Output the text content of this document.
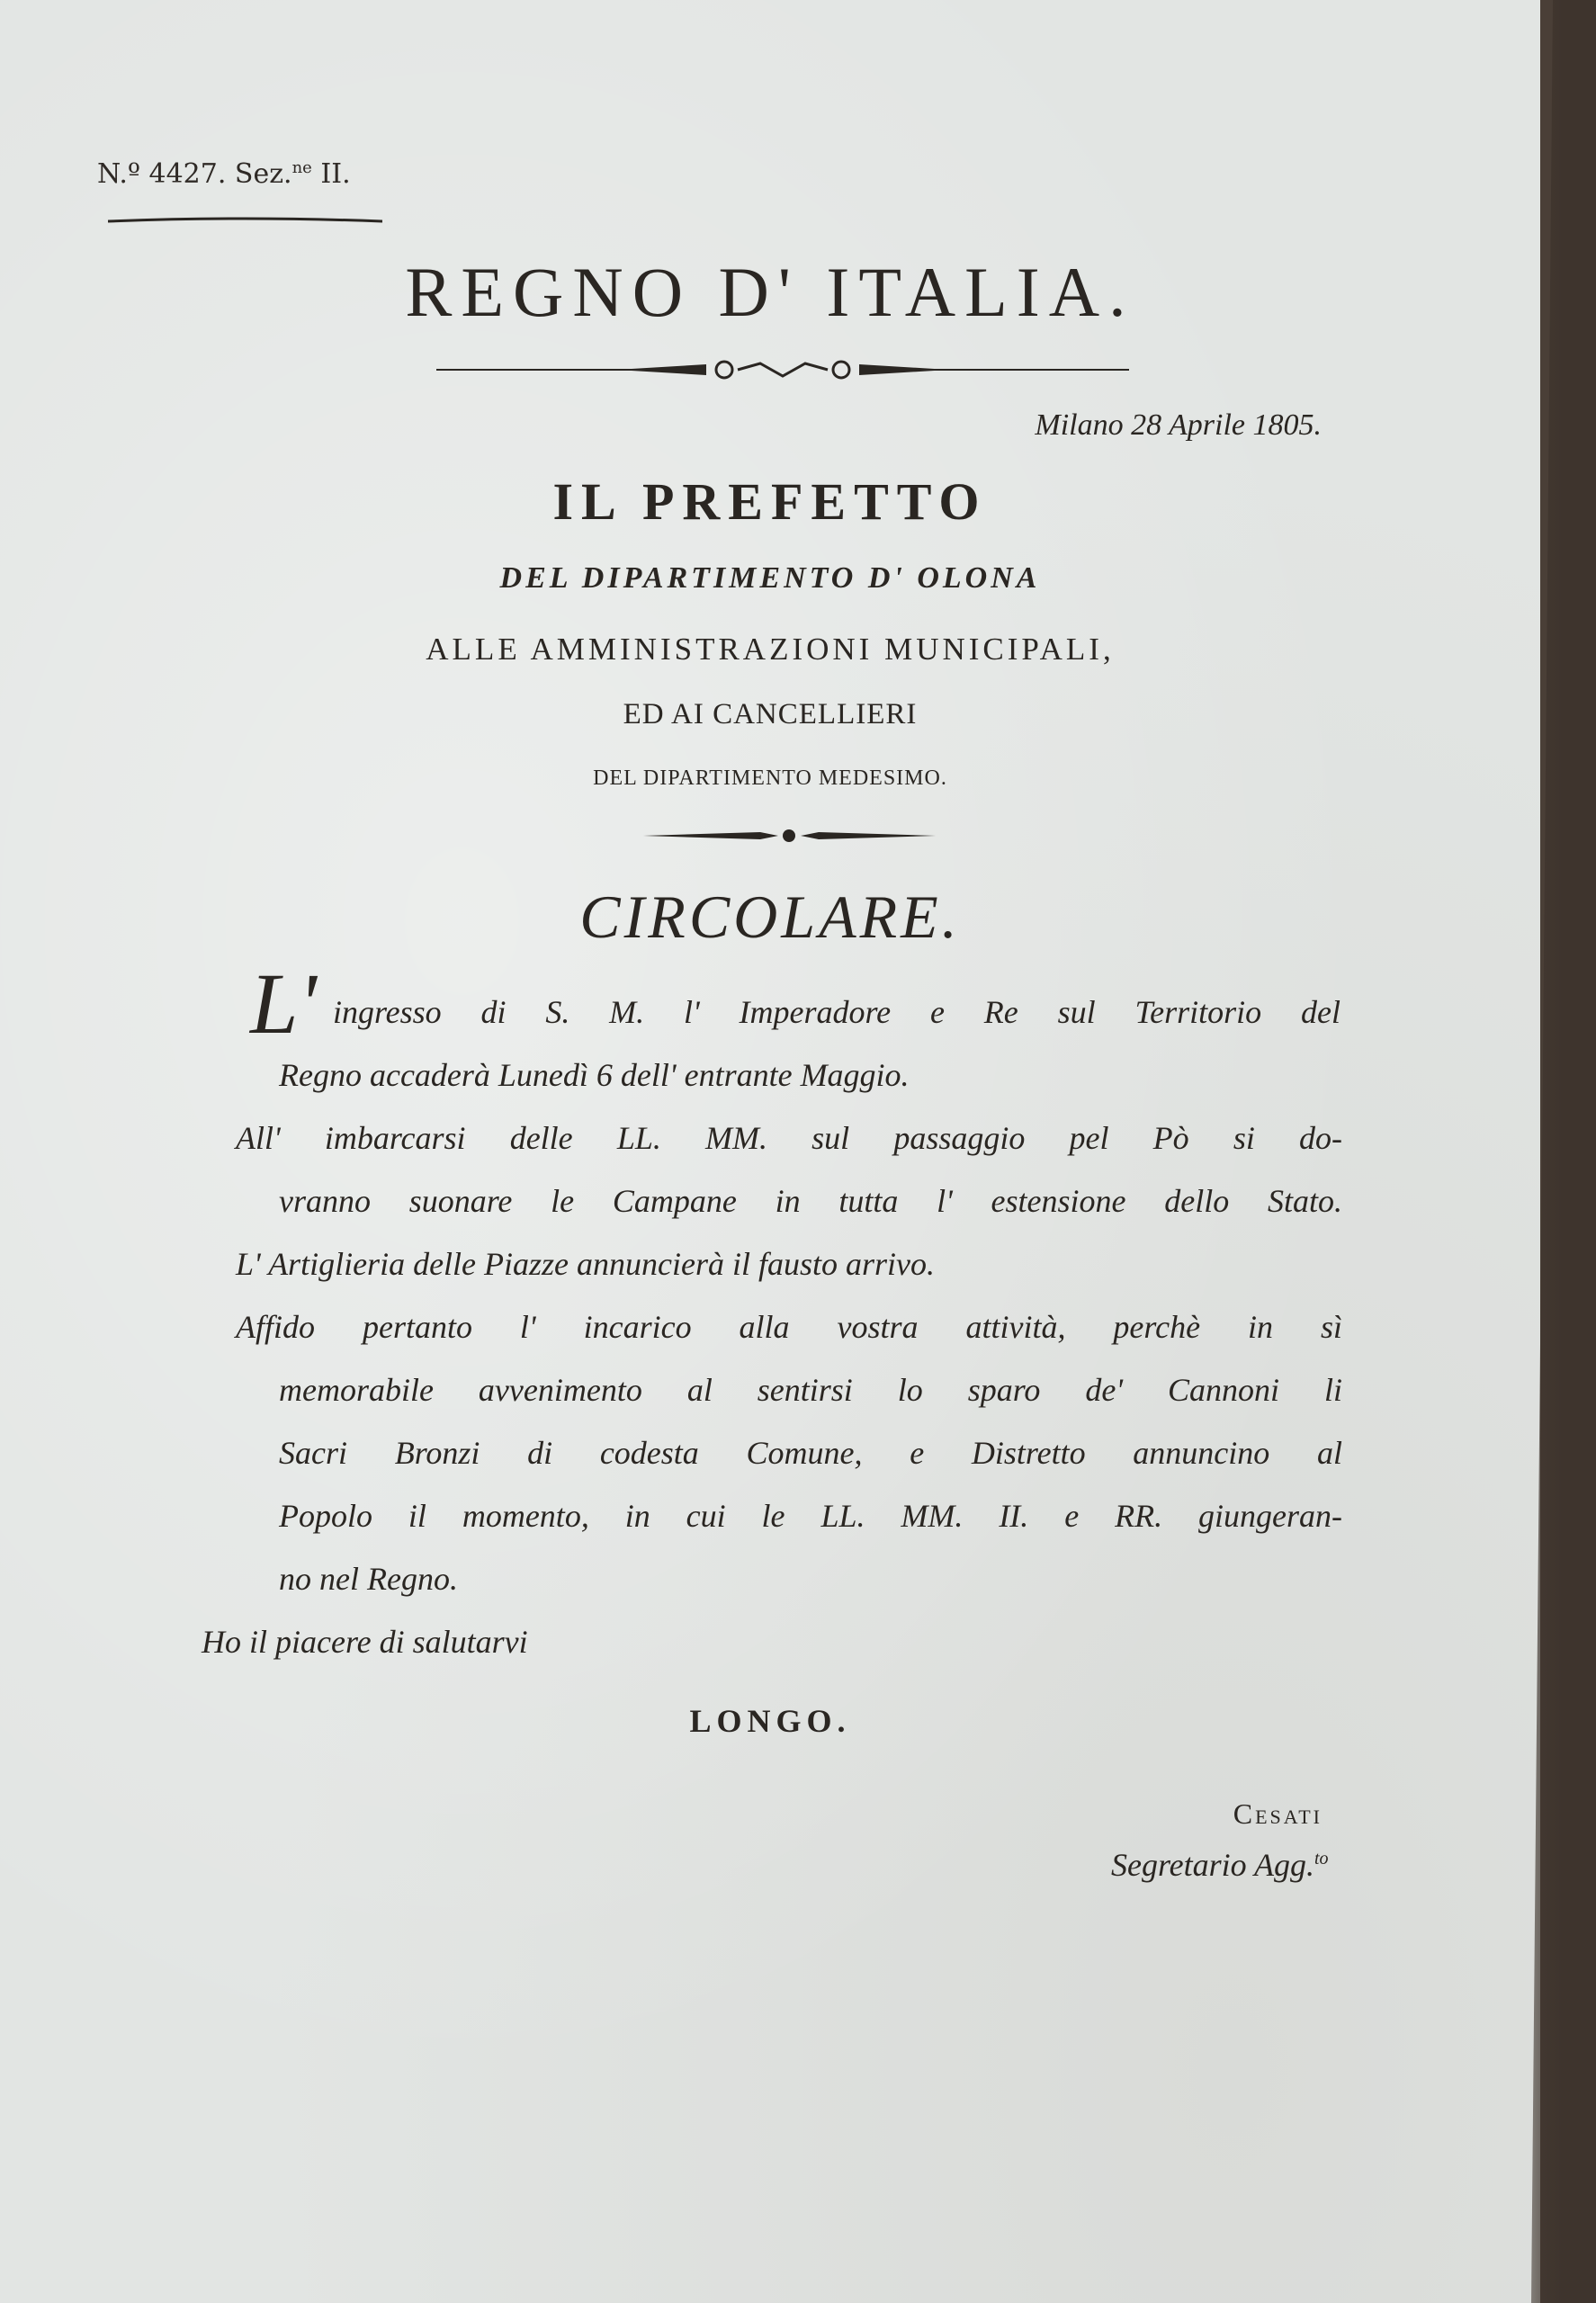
N.º 4427. Sez.$^{ne}$ II.
REGNO D' ITALIA.
Milano 28 Aprile 1805.
IL PREFETTO
DEL DIPARTIMENTO D' OLONA
ALLE AMMINISTRAZIONI MUNICIPALI,
ED AI CANCELLIERI
DEL DIPARTIMENTO MEDESIMO.
CIRCOLARE.
L' ingresso di S. M. l' Imperadore e Re sul Territorio del
Regno accaderà Lunedì 6 dell' entrante Maggio.
All' imbarcarsi delle LL. MM. sul passaggio pel Pò si do-
vranno suonare le Campane in tutta l' estensione dello Stato.
L' Artiglieria delle Piazze annuncierà il fausto arrivo.
Affido pertanto l' incarico alla vostra attività, perchè in sì
memorabile avvenimento al sentirsi lo sparo de' Cannoni li
Sacri Bronzi di codesta Comune, e Distretto annuncino al
Popolo il momento, in cui le LL. MM. II. e RR. giungeran-
no nel Regno.
Ho il piacere di salutarvi
LONGO.
Cesati
Segretario Agg.$^{to}$
